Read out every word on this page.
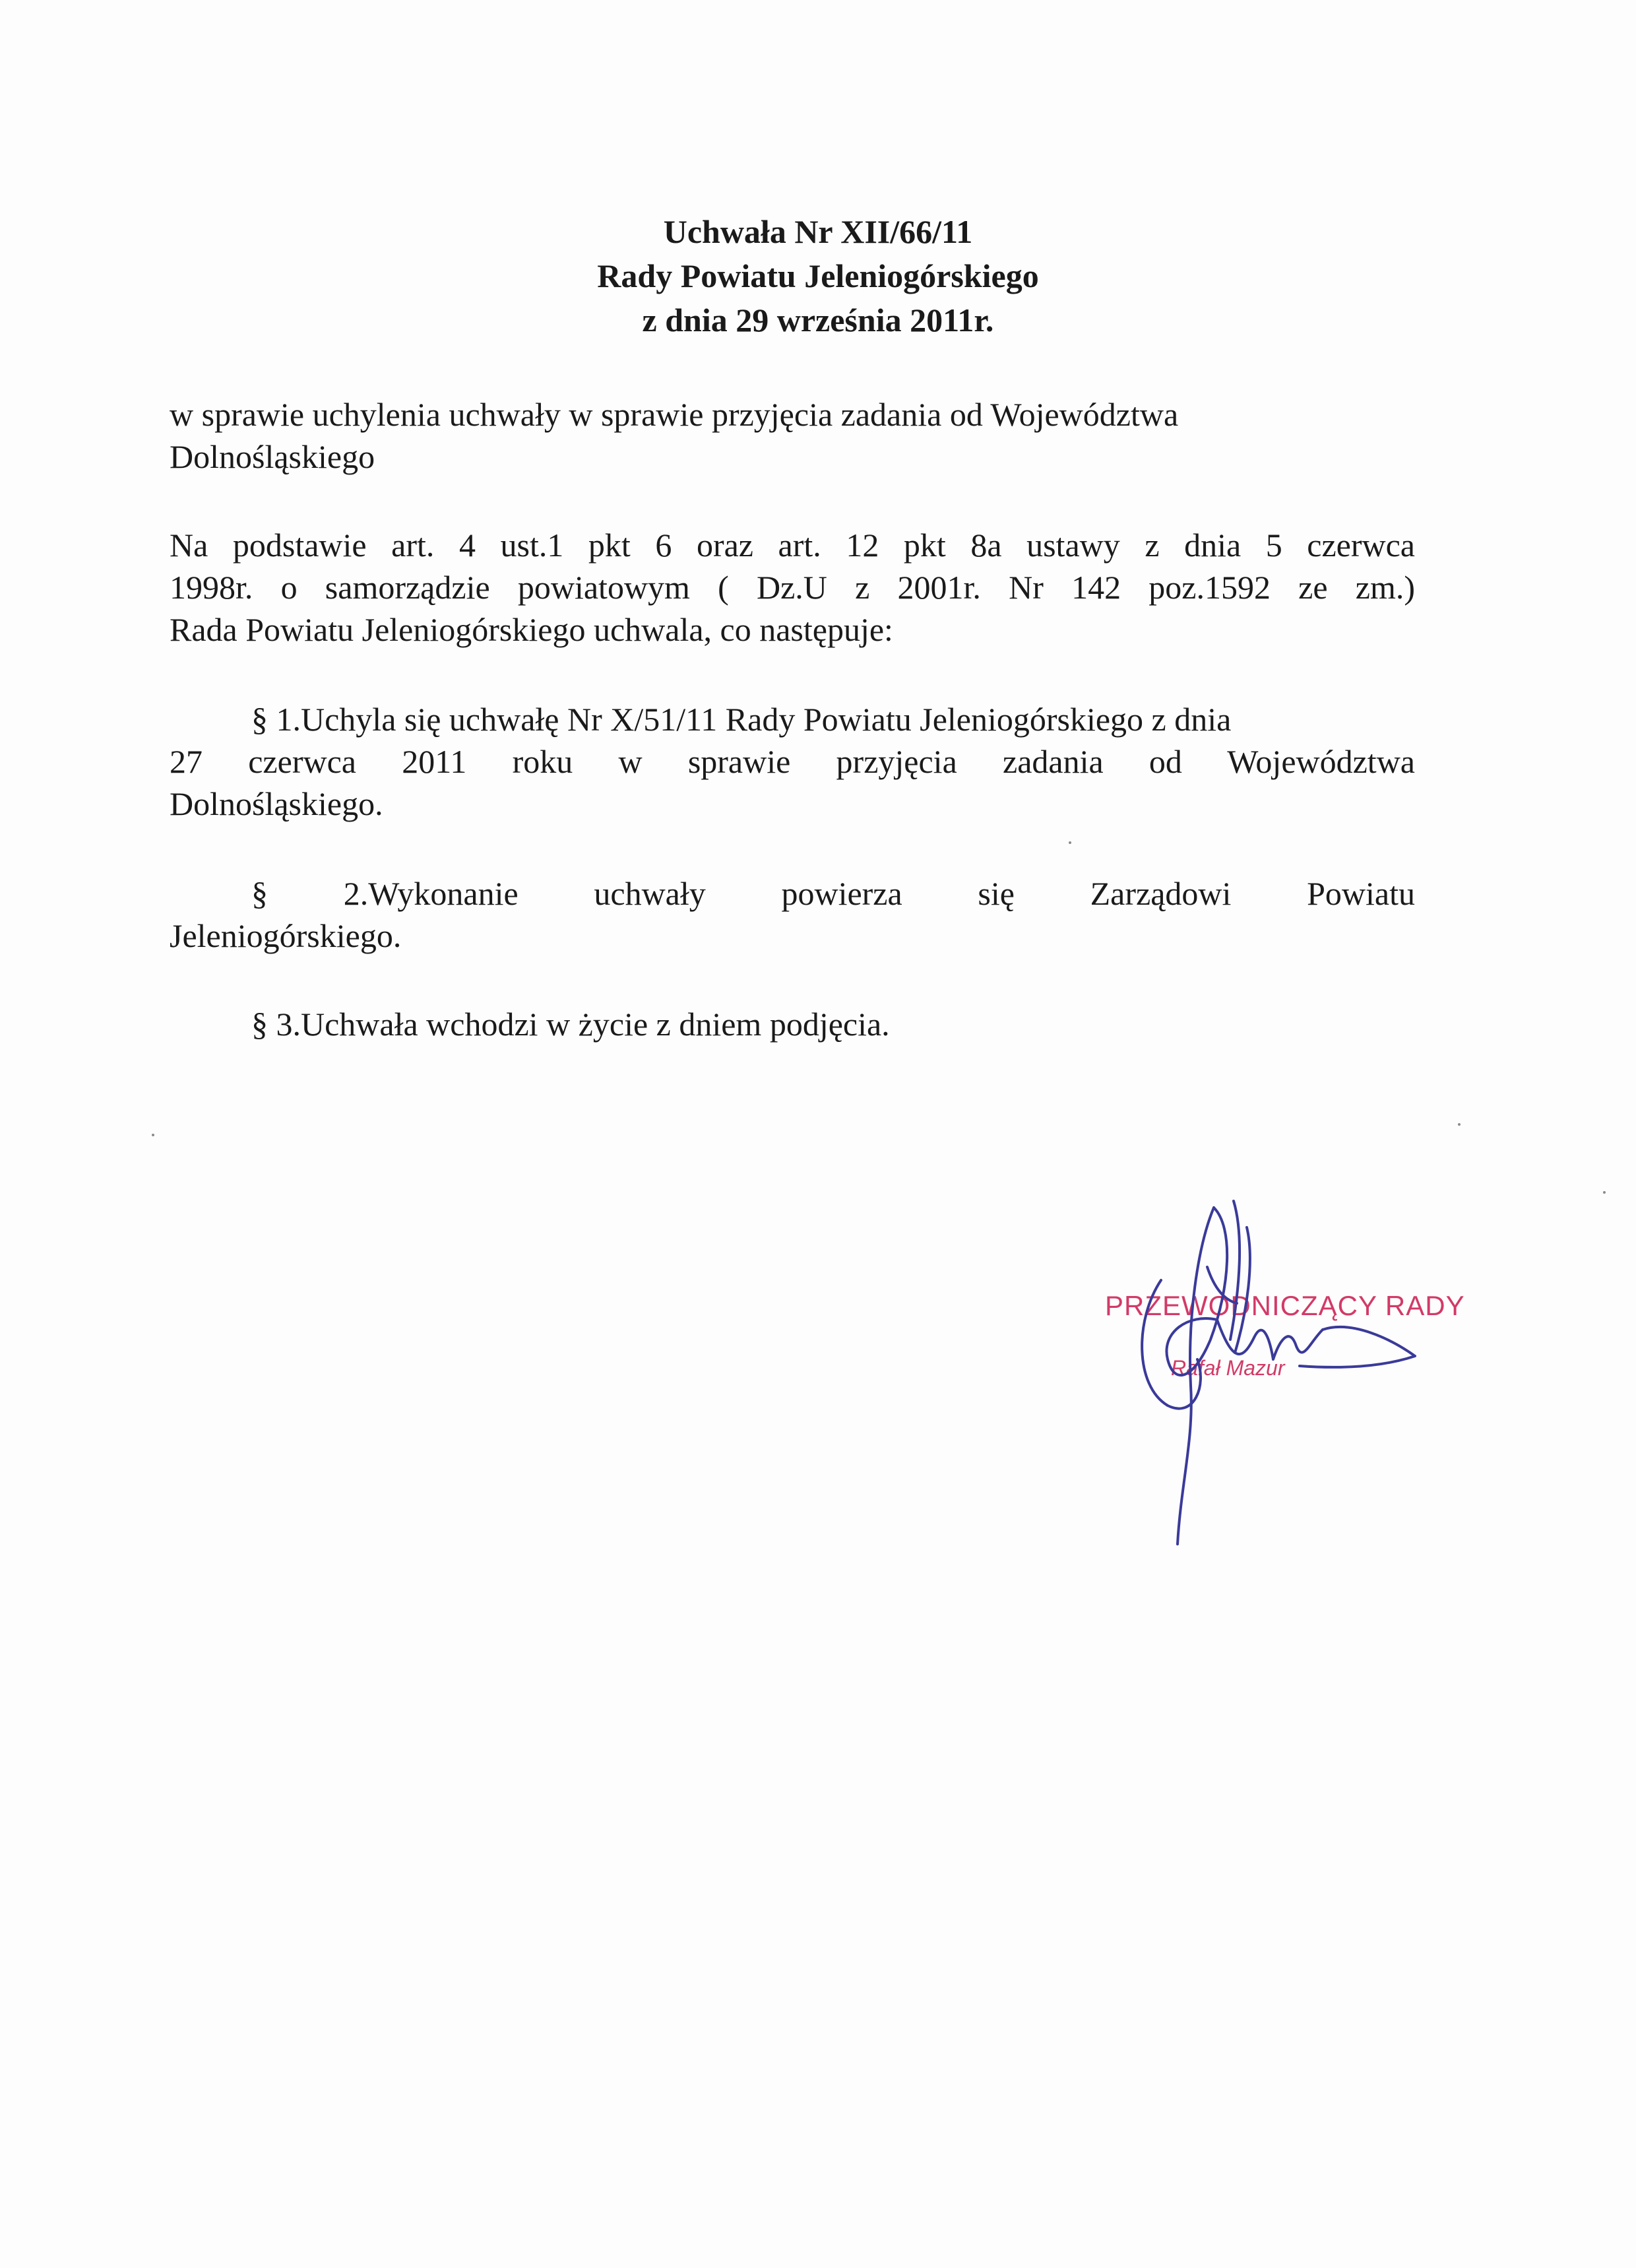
Uchwała Nr XII/66/11
Rady Powiatu Jeleniogórskiego
z dnia 29 września 2011r.
w sprawie uchylenia uchwały w sprawie przyjęcia zadania od Województwa
Dolnośląskiego
Na podstawie art. 4 ust.1 pkt 6 oraz art. 12 pkt 8a ustawy z dnia 5 czerwca
1998r. o samorządzie powiatowym ( Dz.U z 2001r. Nr 142 poz.1592 ze zm.)
Rada Powiatu Jeleniogórskiego uchwala, co następuje:
§ 1.Uchyla się uchwałę Nr X/51/11 Rady Powiatu Jeleniogórskiego z dnia
27 czerwca 2011 roku w sprawie przyjęcia zadania od Województwa
Dolnośląskiego.
§ 2.Wykonanie uchwały powierza się Zarządowi Powiatu
Jeleniogórskiego.
§ 3.Uchwała wchodzi w życie z dniem podjęcia.
PRZEWODNICZĄCY RADY
Rafał Mazur
